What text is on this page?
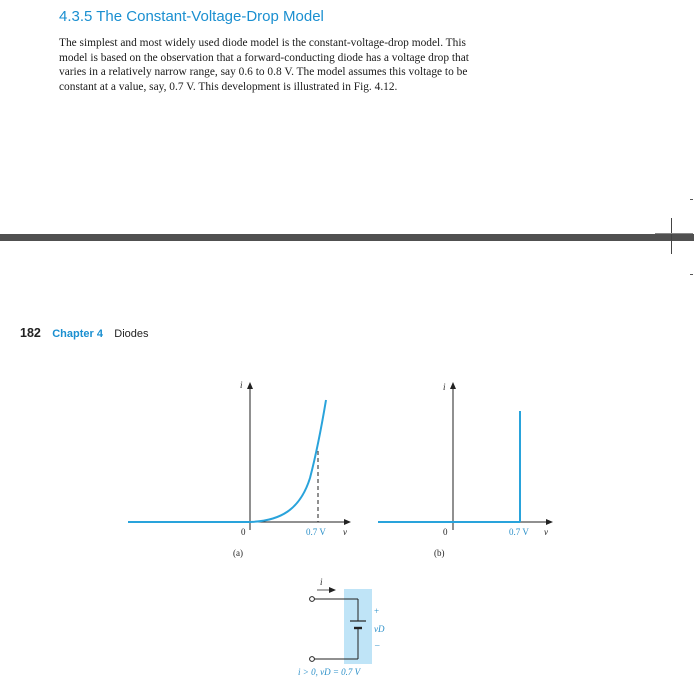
4.3.5 The Constant-Voltage-Drop Model

The simplest and most widely used diode model is the constant-voltage-drop model. This
model is based on the observation that a forward-conducting diode has a voltage drop that
varies in a relatively narrow range, say 0.6 to 0.8 V. The model assumes this voltage to be
constant at a value, say, 0.7 V. This development is illustrated in Fig. 4.12.

182 Chapter 4 Diodes
i
v
0	0.7 V
(a)
i
v
0	0.7 V
(b)
i
+
vD
–
i > 0, vD = 0.7 V
